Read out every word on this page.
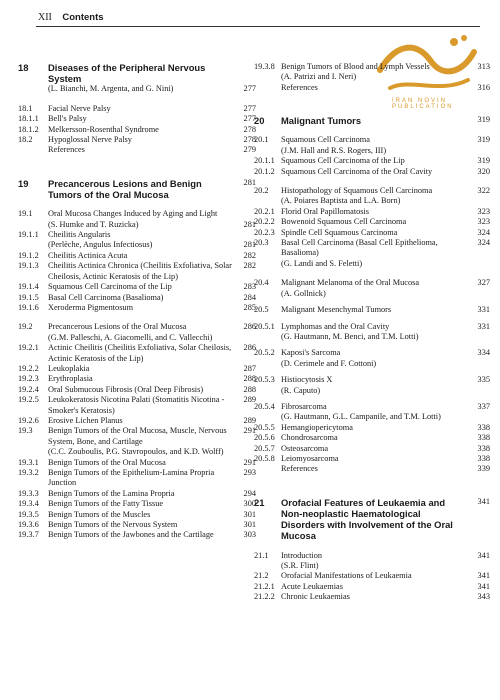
XII Contents
IRAN NOVIN PUBLICATION
18	Diseases of the Peripheral Nervous System
(L. Bianchi, M. Argenta, and G. Nini)	277
18.1	Facial Nerve Palsy	277
18.1.1	Bell's Palsy	277
18.1.2	Melkersson-Rosenthal Syndrome	278
18.2	Hypoglossal Nerve Palsy	278
References	279
19	Precancerous Lesions and Benign Tumors of the Oral Mucosa
281
19.1	Oral Mucosa Changes Induced by Aging and Light
(S. Humke and T. Ruzicka)	281
19.1.1	Cheilitis Angularis
(Perlèche, Angulus Infectiosus)	281
19.1.2	Cheilitis Actinica Acuta	282
19.1.3	Cheilitis Actinica Chronica (Cheilitis Exfoliativa, Solar Cheilosis, Actinic Keratosis of the Lip)
282
19.1.4	Squamous Cell Carcinoma of the Lip	283
19.1.5	Basal Cell Carcinoma (Basalioma)	284
19.1.6	Xeroderma Pigmentosum	285
19.2	Precancerous Lesions of the Oral Mucosa	286
(G.M. Palleschi, A. Giacomelli, and C. Vallecchi)
19.2.1	Actinic Cheilitis (Cheilitis Exfoliativa, Solar Cheilosis, Actinic Keratosis of the Lip)
286
19.2.2	Leukoplakia	287
19.2.3	Erythroplasia	288
19.2.4	Oral Submucous Fibrosis (Oral Deep Fibrosis)	288
19.2.5	Leukokeratosis Nicotina Palati (Stomatitis Nicotina - Smoker's Keratosis)
289
19.2.6	Erosive Lichen Planus	289
19.3	Benign Tumors of the Oral Mucosa, Muscle, Nervous System, Bone, and Cartilage
291
(C.C. Zouboulis, P.G. Stavropoulos, and K.D. Wolff)
19.3.1	Benign Tumors of the Oral Mucosa	291
19.3.2	Benign Tumors of the Epithelium-Lamina Propria Junction
293
19.3.3	Benign Tumors of the Lamina Propria	294
19.3.4	Benign Tumors of the Fatty Tissue	300
19.3.5	Benign Tumors of the Muscles	301
19.3.6	Benign Tumors of the Nervous System	301
19.3.7	Benign Tumors of the Jawbones and the Cartilage	303
19.3.8 Benign Tumors of Blood and Lymph Vessels	313
(A. Patrizi and I. Neri)
References	316
20	Malignant Tumors	319
20.1	Squamous Cell Carcinoma	319
(J.M. Hall and R.S. Rogers, III)
20.1.1 Squamous Cell Carcinoma of the Lip	319
20.1.2 Squamous Cell Carcinoma of the Oral Cavity	320
20.2	Histopathology of Squamous Cell Carcinoma	322
(A. Poiares Baptista and L.A. Born)
20.2.1 Florid Oral Papillomatosis	323
20.2.2 Bowenoid Squamous Cell Carcinoma	323
20.2.3 Spindle Cell Squamous Carcinoma	324
20.3	Basal Cell Carcinoma (Basal Cell Epithelioma, Basalioma)
324
(G. Landi and S. Feletti)
20.4	Malignant Melanoma of the Oral Mucosa	327
(A. Gollnick)
20.5	Malignant Mesenchymal Tumors	331
20.5.1 Lymphomas and the Oral Cavity	331
(G. Hautmann, M. Benci, and T.M. Lotti)
20.5.2 Kaposi's Sarcoma	334
(D. Cerimele and F. Cottoni)
20.5.3 Histiocytosis X	335
(R. Caputo)
20.5.4 Fibrosarcoma	337
(G. Hautmann, G.L. Campanile, and T.M. Lotti)
20.5.5 Hemangiopericytoma	338
20.5.6 Chondrosarcoma	338
20.5.7 Osteosarcoma	338
20.5.8 Leiomyosarcoma	338
References	339
21	Orofacial Features of Leukaemia and Non-neoplastic Haematological Disorders with Involvement of the Oral Mucosa
341
21.1	Introduction	341
(S.R. Flint)
21.2	Orofacial Manifestations of Leukaemia	341
21.2.1 Acute Leukaemias	341
21.2.2 Chronic Leukaemias	343
